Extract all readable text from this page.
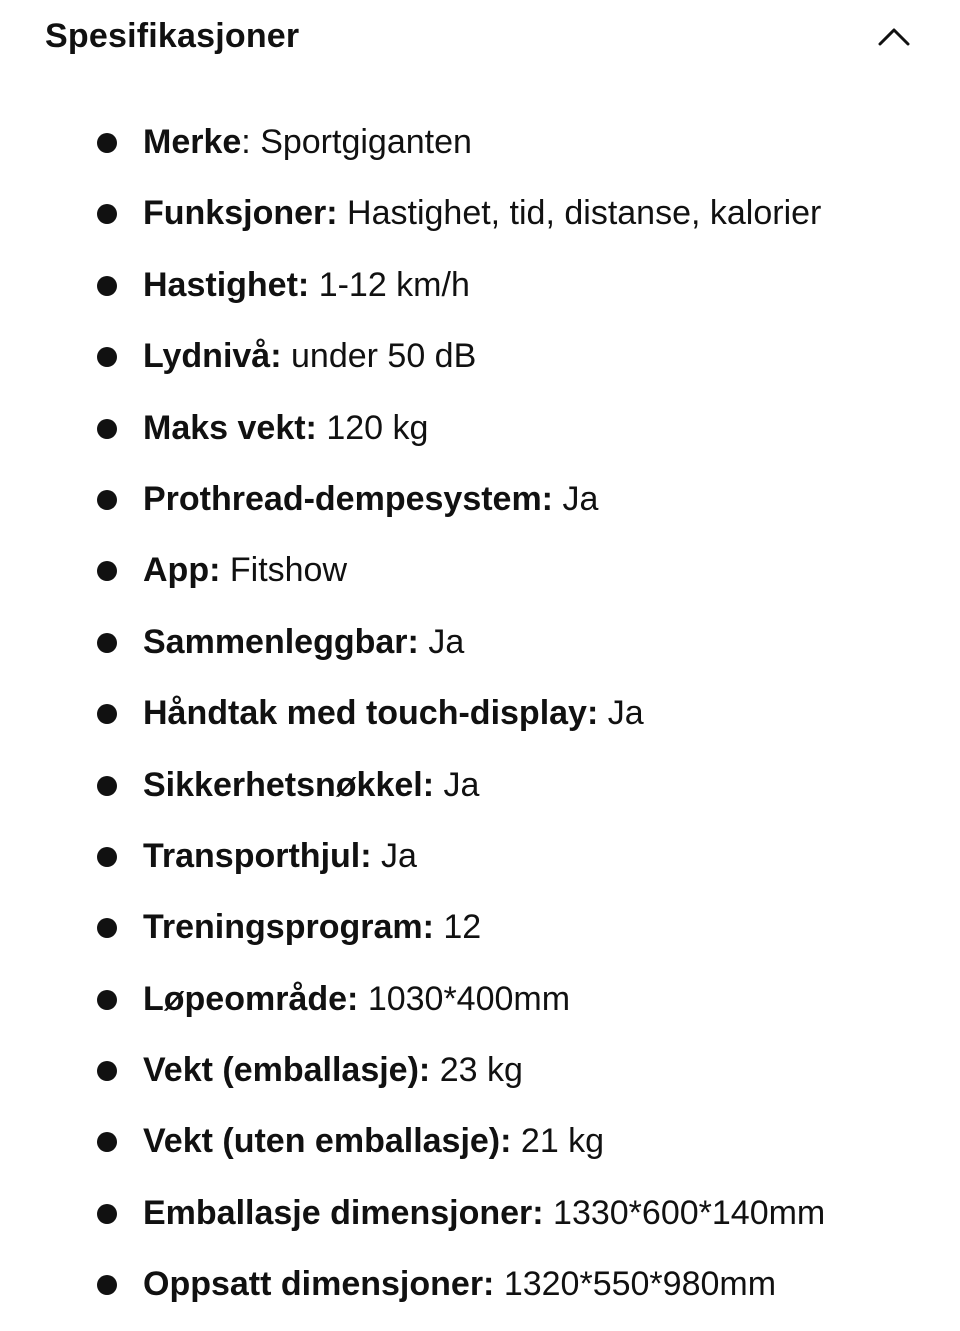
Spesifikasjoner
Merke: Sportgiganten
Funksjoner: Hastighet, tid, distanse, kalorier
Hastighet: 1-12 km/h
Lydnivå: under 50 dB
Maks vekt: 120 kg
Prothread-dempesystem: Ja
App: Fitshow
Sammenleggbar: Ja
Håndtak med touch-display: Ja
Sikkerhetsnøkkel: Ja
Transporthjul: Ja
Treningsprogram: 12
Løpeområde: 1030*400mm
Vekt (emballasje): 23 kg
Vekt (uten emballasje): 21 kg
Emballasje dimensjoner: 1330*600*140mm
Oppsatt dimensjoner: 1320*550*980mm
